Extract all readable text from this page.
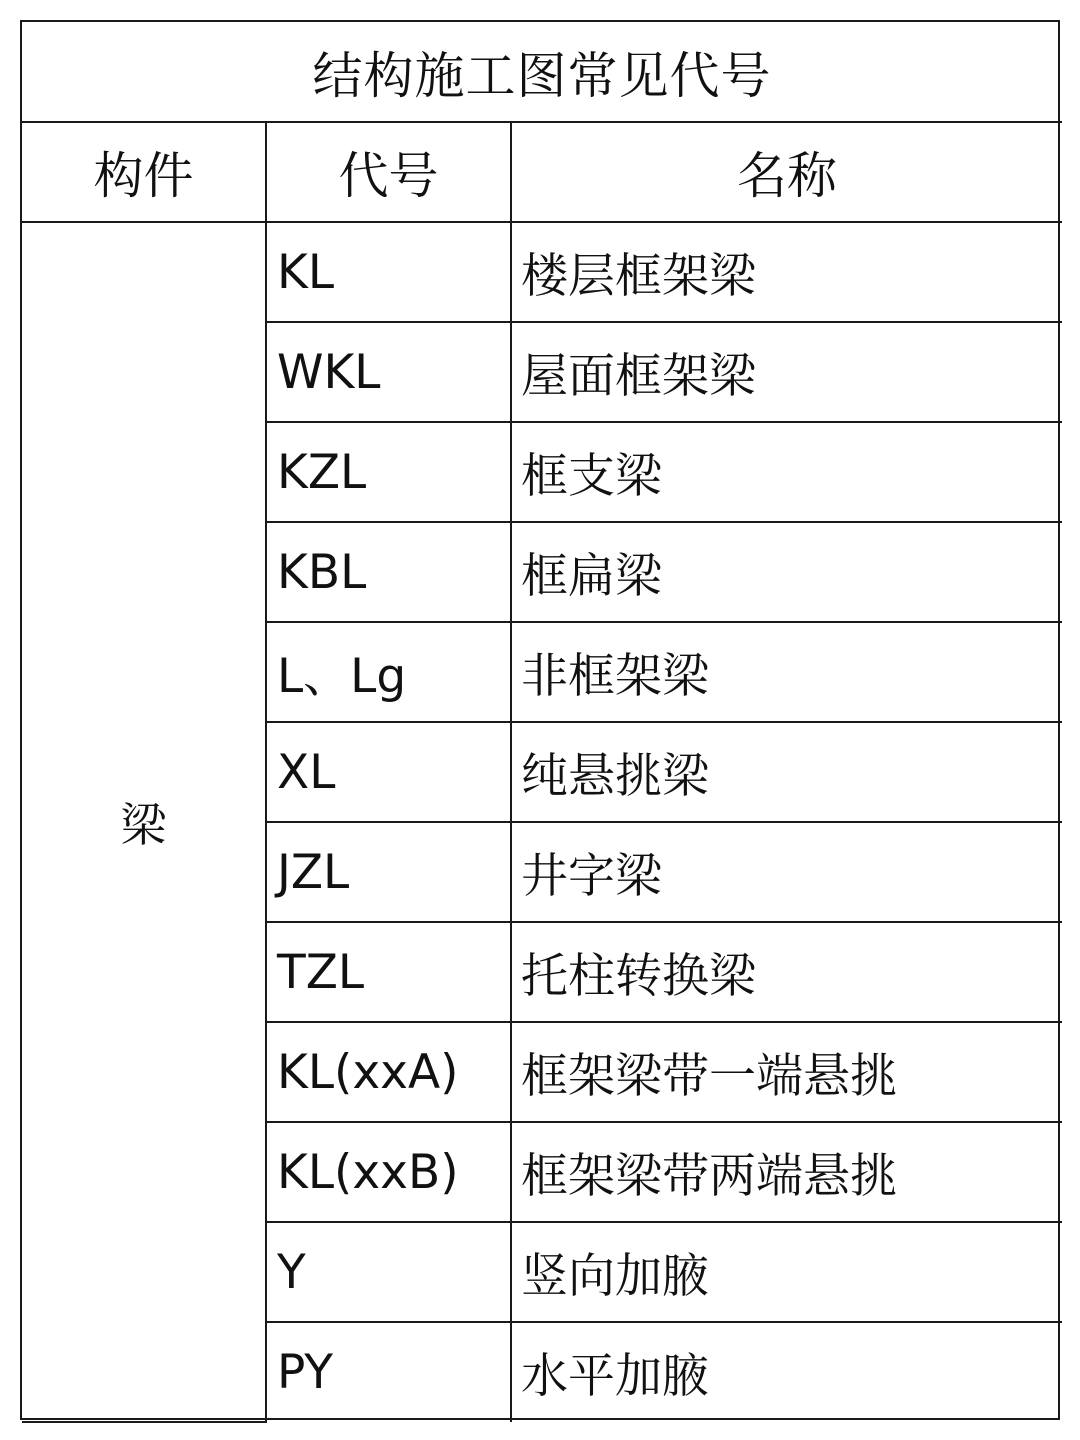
结构施工图常见代号		
构件	代号	名称
梁	KL	楼层框架梁
	WKL	屋面框架梁
	KZL	框支梁
	KBL	框扁梁
	L、Lg	非框架梁
	XL	纯悬挑梁
	JZL	井字梁
	TZL	托柱转换梁
	KL(xxA)	框架梁带一端悬挑
	KL(xxB)	框架梁带两端悬挑
	Y	竖向加腋
	PY	水平加腋
